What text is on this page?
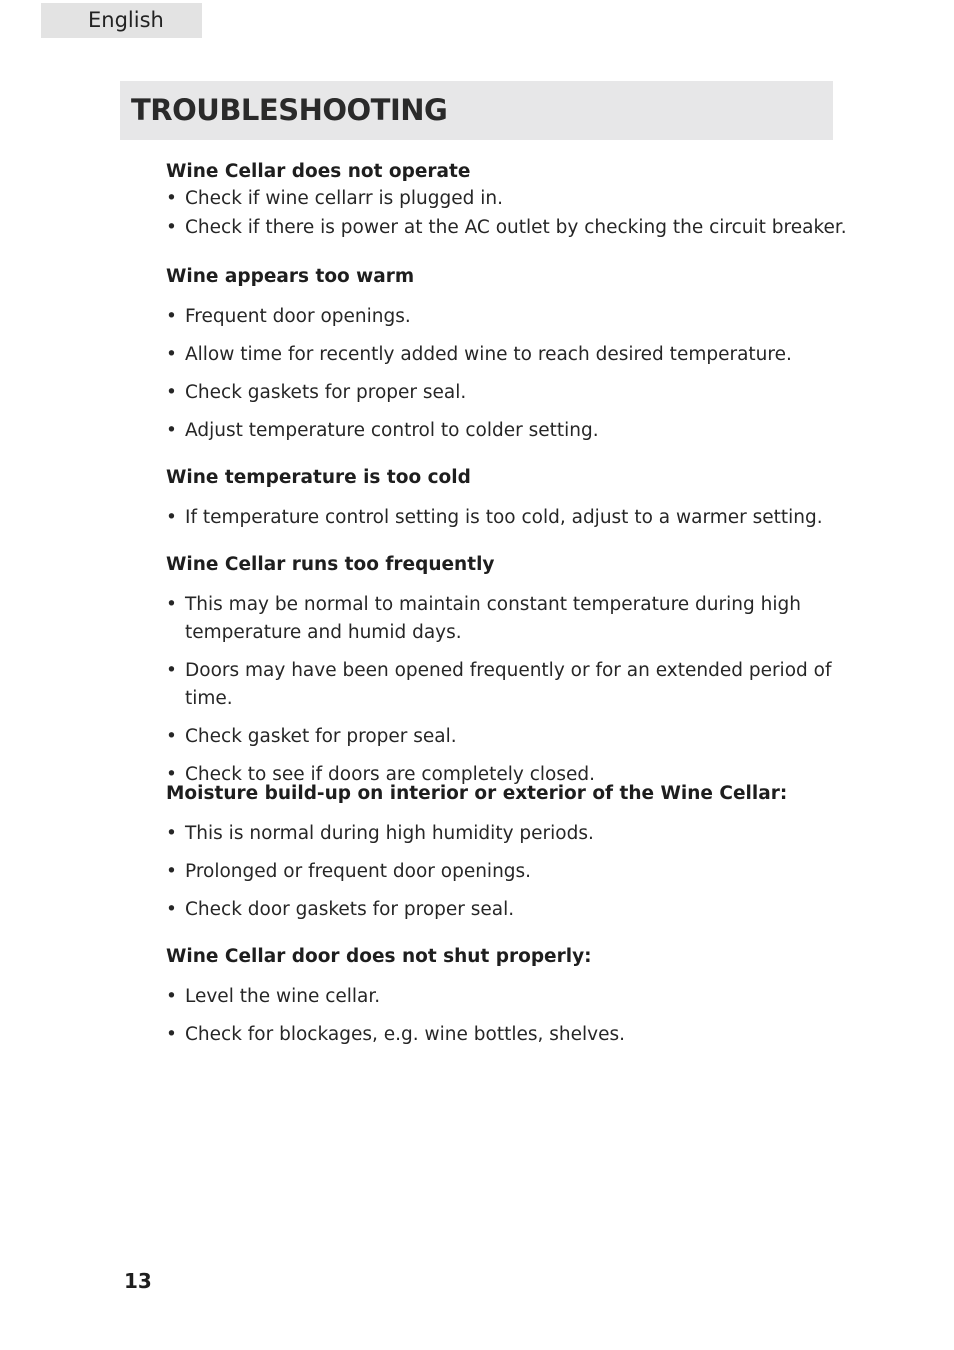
English
TROUBLESHOOTING
Wine Cellar does not operate
• Check if wine cellarr is plugged in.
• Check if there is power at the AC outlet by checking the circuit breaker.
Wine appears too warm
• Frequent door openings.
• Allow time for recently added wine to reach desired temperature.
• Check gaskets for proper seal.
• Adjust temperature control to colder setting.
Wine temperature is too cold
• If temperature control setting is too cold, adjust to a warmer setting.
Wine Cellar runs too frequently
• This may be normal to maintain constant temperature during high temperature and humid days.
• Doors may have been opened frequently or for an extended period of time.
• Check gasket for proper seal.
• Check to see if doors are completely closed.
Moisture build-up on interior or exterior of the Wine Cellar:
• This is normal during high humidity periods.
• Prolonged or frequent door openings.
• Check door gaskets for proper seal.
Wine Cellar door does not shut properly:
• Level the wine cellar.
• Check for blockages, e.g. wine bottles, shelves.
13
